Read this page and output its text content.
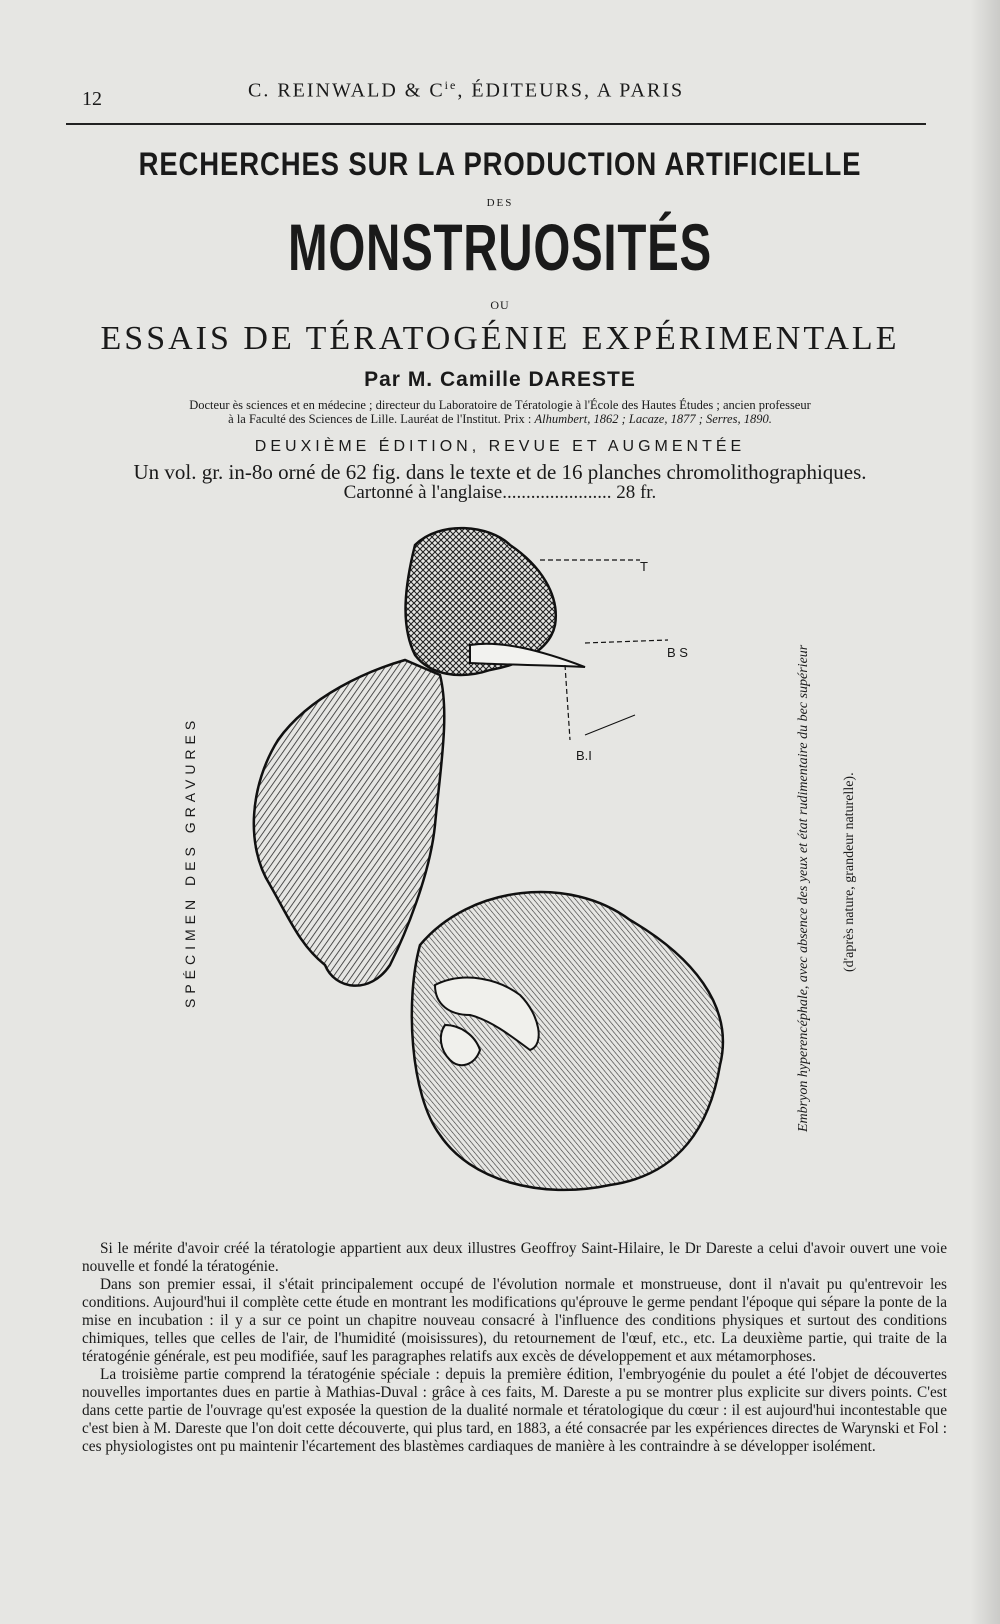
12	C. REINWALD & $C^{ie}$, ÉDITEURS, A PARIS
RECHERCHES SUR LA PRODUCTION ARTIFICIELLE
DES
MONSTRUOSITÉS
OU
ESSAIS DE TÉRATOGÉNIE EXPÉRIMENTALE
Par M. Camille DARESTE
Docteur ès sciences et en médecine ; directeur du Laboratoire de Tératologie à l'École des Hautes Études ; ancien professeur
à la Faculté des Sciences de Lille. Lauréat de l'Institut. Prix : Alhumbert, 1862 ; Lacaze, 1877 ; Serres, 1890.
DEUXIÈME ÉDITION, REVUE ET AUGMENTÉE
Un vol. gr. in-8o orné de 62 fig. dans le texte et de 16 planches chromolithographiques.
Cartonné à l'anglaise....................... 28 fr.
SPÉCIMEN DES GRAVURES
T
B S
B.I	Embryon hyperencéphale, avec absence des yeux et état rudimentaire du bec supérieur (d'après nature, grandeur naturelle).

Si le mérite d'avoir créé la tératologie appartient aux deux illustres Geoffroy Saint-Hilaire, le Dr Dareste a celui d'avoir ouvert une voie nouvelle et fondé la tératogénie.

Dans son premier essai, il s'était principalement occupé de l'évolution normale et monstrueuse, dont il n'avait pu qu'entrevoir les conditions. Aujourd'hui il complète cette étude en montrant les modifications qu'éprouve le germe pendant l'époque qui sépare la ponte de la mise en incubation : il y a sur ce point un chapitre nouveau consacré à l'influence des conditions physiques et surtout des conditions chimiques, telles que celles de l'air, de l'humidité (moisissures), du retournement de l'œuf, etc., etc. La deuxième partie, qui traite de la tératogénie générale, est peu modifiée, sauf les paragraphes relatifs aux excès de développement et aux métamorphoses.

La troisième partie comprend la tératogénie spéciale : depuis la première édition, l'embryogénie du poulet a été l'objet de découvertes nouvelles importantes dues en partie à Mathias-Duval : grâce à ces faits, M. Dareste a pu se montrer plus explicite sur divers points. C'est dans cette partie de l'ouvrage qu'est exposée la question de la dualité normale et tératologique du cœur : il est aujourd'hui incontestable que c'est bien à M. Dareste que l'on doit cette découverte, qui plus tard, en 1883, a été consacrée par les expériences directes de Warynski et Fol : ces physiologistes ont pu maintenir l'écartement des blastèmes cardiaques de manière à les contraindre à se développer isolément.
